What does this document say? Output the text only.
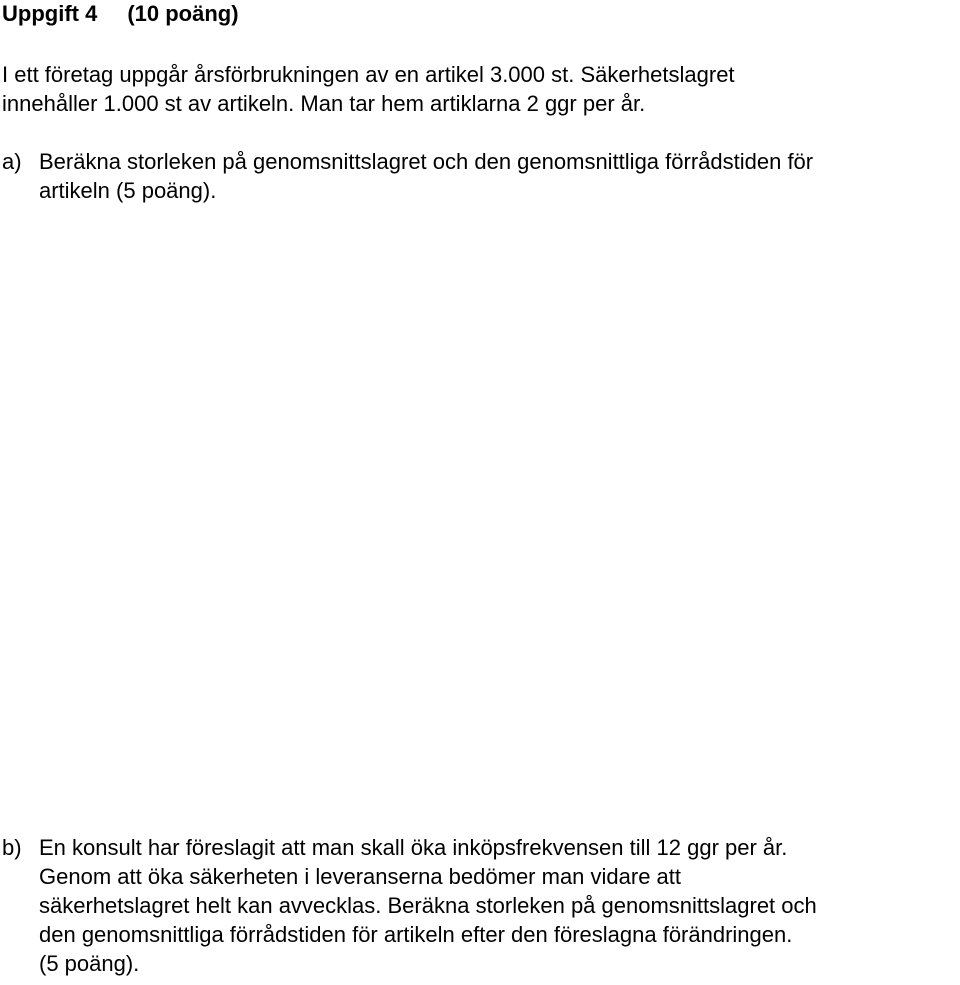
Uppgift 4 (10 poäng)
I ett företag uppgår årsförbrukningen av en artikel 3.000 st. Säkerhetslagret
innehåller 1.000 st av artikeln. Man tar hem artiklarna 2 ggr per år.
a) Beräkna storleken på genomsnittslagret och den genomsnittliga förrådstiden för
artikeln (5 poäng).
b) En konsult har föreslagit att man skall öka inköpsfrekvensen till 12 ggr per år.
Genom att öka säkerheten i leveranserna bedömer man vidare att
säkerhetslagret helt kan avvecklas. Beräkna storleken på genomsnittslagret och
den genomsnittliga förrådstiden för artikeln efter den föreslagna förändringen.
(5 poäng).
